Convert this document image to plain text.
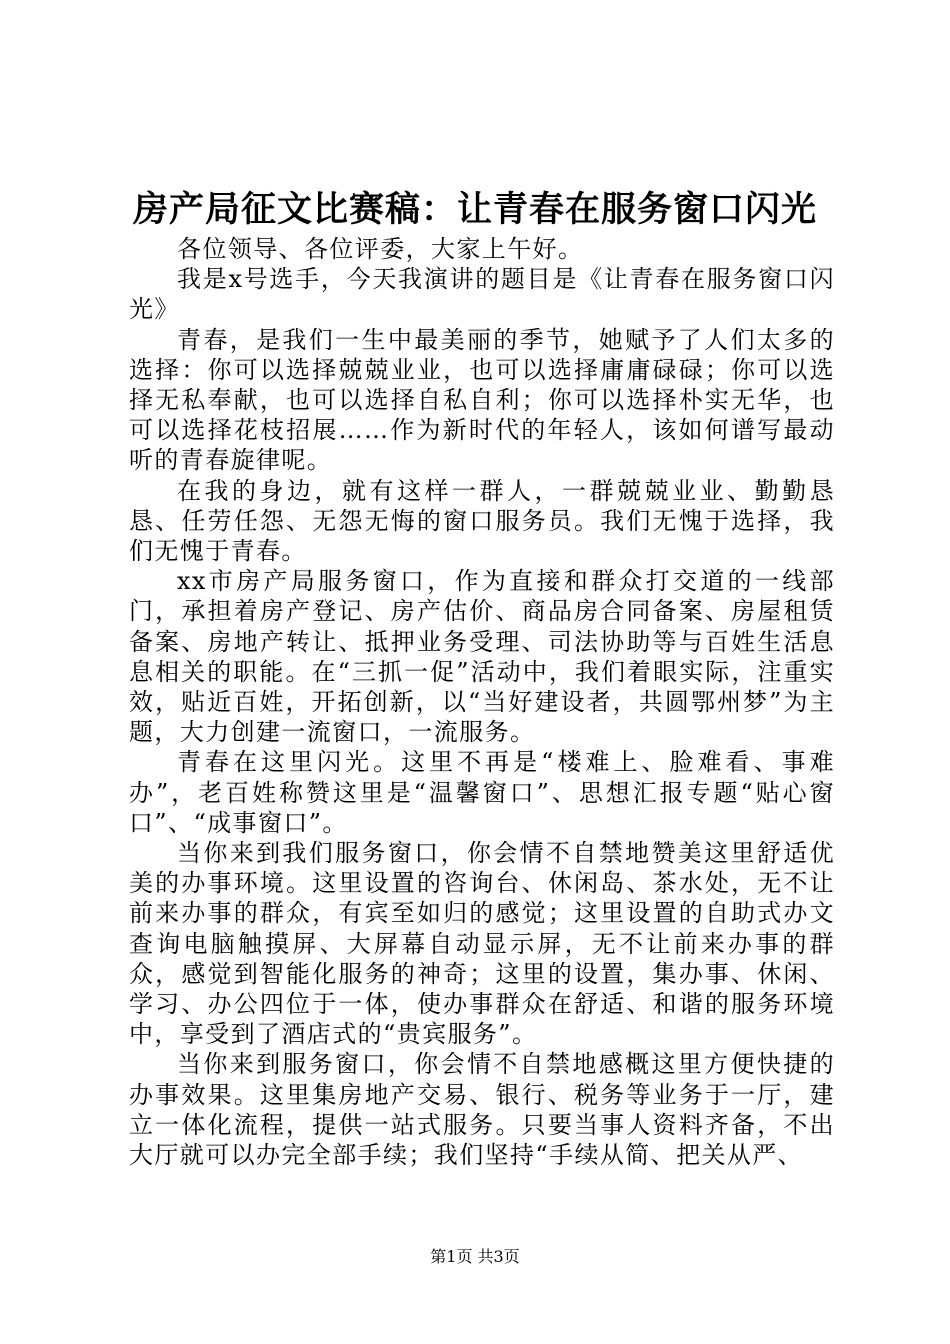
房产局征文比赛稿：让青春在服务窗口闪光

各位领导、各位评委，大家上午好。

我是x号选手，今天我演讲的题目是《让青春在服务窗口闪光》

青春，是我们一生中最美丽的季节，她赋予了人们太多的选择：你可以选择兢兢业业，也可以选择庸庸碌碌；你可以选择无私奉献，也可以选择自私自利；你可以选择朴实无华，也可以选择花枝招展……作为新时代的年轻人，该如何谱写最动听的青春旋律呢。

在我的身边，就有这样一群人，一群兢兢业业、勤勤恳恳、任劳任怨、无怨无悔的窗口服务员。我们无愧于选择，我们无愧于青春。

xx市房产局服务窗口，作为直接和群众打交道的一线部门，承担着房产登记、房产估价、商品房合同备案、房屋租赁备案、房地产转让、抵押业务受理、司法协助等与百姓生活息息相关的职能。在“三抓一促”活动中，我们着眼实际，注重实效，贴近百姓，开拓创新，以“当好建设者，共圆鄂州梦”为主题，大力创建一流窗口，一流服务。

青春在这里闪光。这里不再是“楼难上、脸难看、事难办”，老百姓称赞这里是“温馨窗口”、思想汇报专题“贴心窗口”、“成事窗口”。

当你来到我们服务窗口，你会情不自禁地赞美这里舒适优美的办事环境。这里设置的咨询台、休闲岛、茶水处，无不让前来办事的群众，有宾至如归的感觉；这里设置的自助式办文查询电脑触摸屏、大屏幕自动显示屏，无不让前来办事的群众，感觉到智能化服务的神奇；这里的设置，集办事、休闲、学习、办公四位于一体，使办事群众在舒适、和谐的服务环境中，享受到了酒店式的“贵宾服务”。

当你来到服务窗口，你会情不自禁地感概这里方便快捷的办事效果。这里集房地产交易、银行、税务等业务于一厅，建立一体化流程，提供一站式服务。只要当事人资料齐备，不出大厅就可以办完全部手续；我们坚持“手续从简、把关从严、

第1页 共3页
